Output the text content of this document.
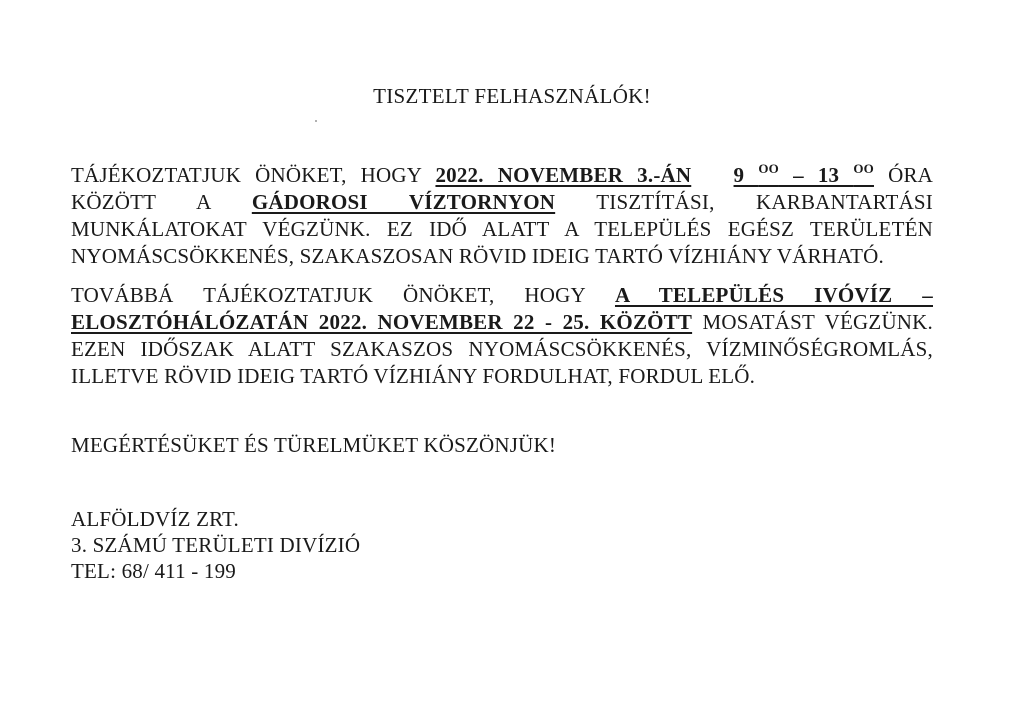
TISZTELT FELHASZNÁLÓK!
TÁJÉKOZTATJUK ÖNÖKET, HOGY 2022. NOVEMBER 3.-ÁN 9 $^{OO}$ – 13 $^{OO}$ ÓRA
KÖZÖTT A GÁDOROSI VÍZTORNYON TISZTÍTÁSI, KARBANTARTÁSI
MUNKÁLATOKAT VÉGZÜNK. EZ IDŐ ALATT A TELEPÜLÉS EGÉSZ TERÜLETÉN
NYOMÁSCSÖKKENÉS, SZAKASZOSAN RÖVID IDEIG TARTÓ VÍZHIÁNY VÁRHATÓ.
TOVÁBBÁ TÁJÉKOZTATJUK ÖNÖKET, HOGY A TELEPÜLÉS IVÓVÍZ –
ELOSZTÓHÁLÓZATÁN 2022. NOVEMBER 22 - 25. KÖZÖTT MOSATÁST VÉGZÜNK.
EZEN IDŐSZAK ALATT SZAKASZOS NYOMÁSCSÖKKENÉS, VÍZMINŐSÉGROMLÁS,
ILLETVE RÖVID IDEIG TARTÓ VÍZHIÁNY FORDULHAT, FORDUL ELŐ.
MEGÉRTÉSÜKET ÉS TÜRELMÜKET KÖSZÖNJÜK!
ALFÖLDVÍZ ZRT.
3. SZÁMÚ TERÜLETI DIVÍZIÓ
TEL: 68/ 411 - 199
